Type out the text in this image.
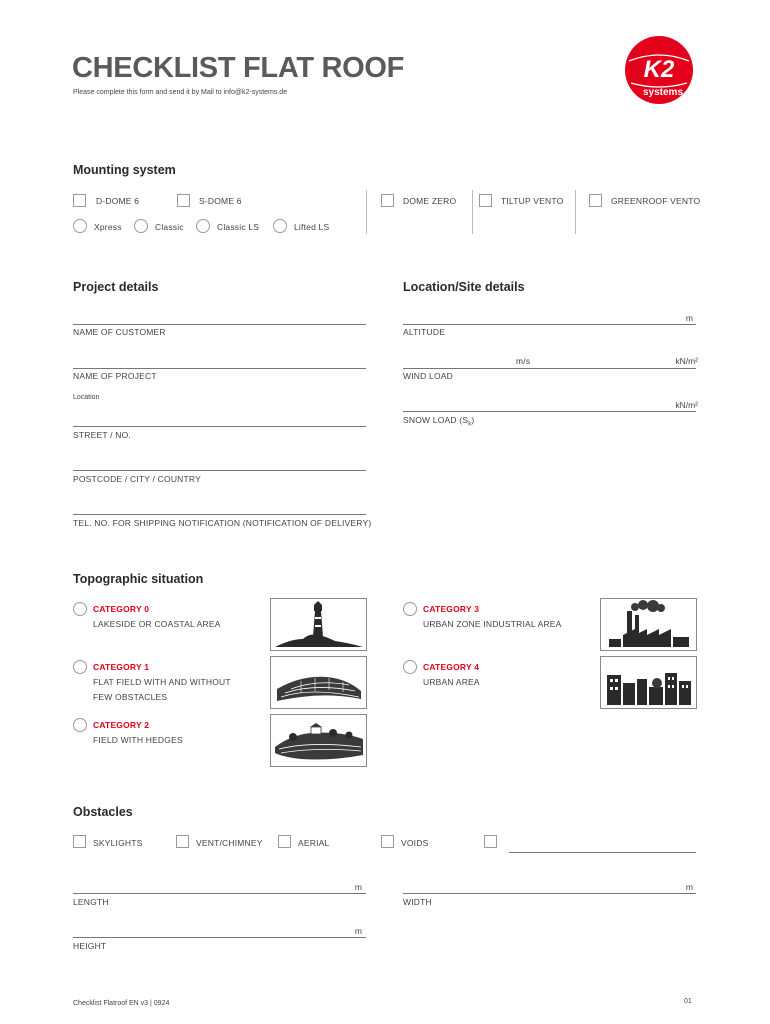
CHECKLIST FLAT ROOF
Please complete this form and send it by Mail to info@k2-systems.de
K2
systems
Mounting system
D-DOME 6	S-DOME 6	DOME ZERO	TILTUP VENTO	GREENROOF VENTO
Xpress	Classic	Classic LS	Lifted LS
Project details
NAME OF CUSTOMER
NAME OF PROJECT
Location
STREET / NO.
POSTCODE / CITY / COUNTRY
TEL. NO. FOR SHIPPING NOTIFICATION (NOTIFICATION OF DELIVERY)
Location/Site details
m
ALTITUDE
m/s	kN/m²
WIND LOAD
kN/m²
SNOW LOAD $(S_k)$
Topographic situation
CATEGORY 0
LAKESIDE OR COASTAL AREA
CATEGORY 1
FLAT FIELD WITH AND WITHOUT
FEW OBSTACLES
CATEGORY 2
FIELD WITH HEDGES
CATEGORY 3
URBAN ZONE INDUSTRIAL AREA
CATEGORY 4
URBAN AREA
Obstacles
SKYLIGHTS	VENT/CHIMNEY	AERIAL	VOIDS
m
LENGTH
m
WIDTH
m
HEIGHT
Checklist Flatroof EN v3 | 0924	01
